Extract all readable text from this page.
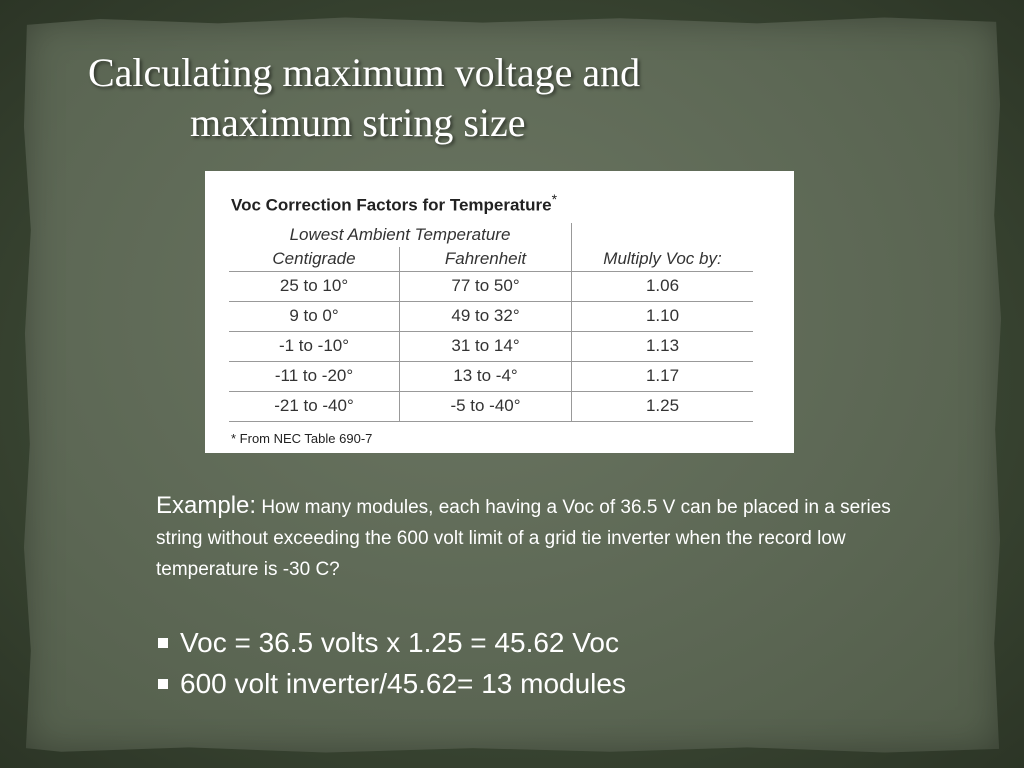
Calculating maximum voltage and
maximum string size
Voc Correction Factors for Temperature*
Lowest Ambient Temperature		
Centigrade	Fahrenheit	Multiply Voc by:
25 to 10°	77 to 50°	1.06
9 to 0°	49 to 32°	1.10
-1 to -10°	31 to 14°	1.13
-11 to -20°	13 to -4°	1.17
-21 to -40°	-5 to -40°	1.25
* From NEC Table 690-7
Example: How many modules, each having a Voc of 36.5 V can be placed in a series string without exceeding the 600 volt limit of a grid tie inverter when the record low temperature is -30 C?
Voc = 36.5 volts x 1.25 = 45.62 Voc
600 volt inverter/45.62= 13 modules
